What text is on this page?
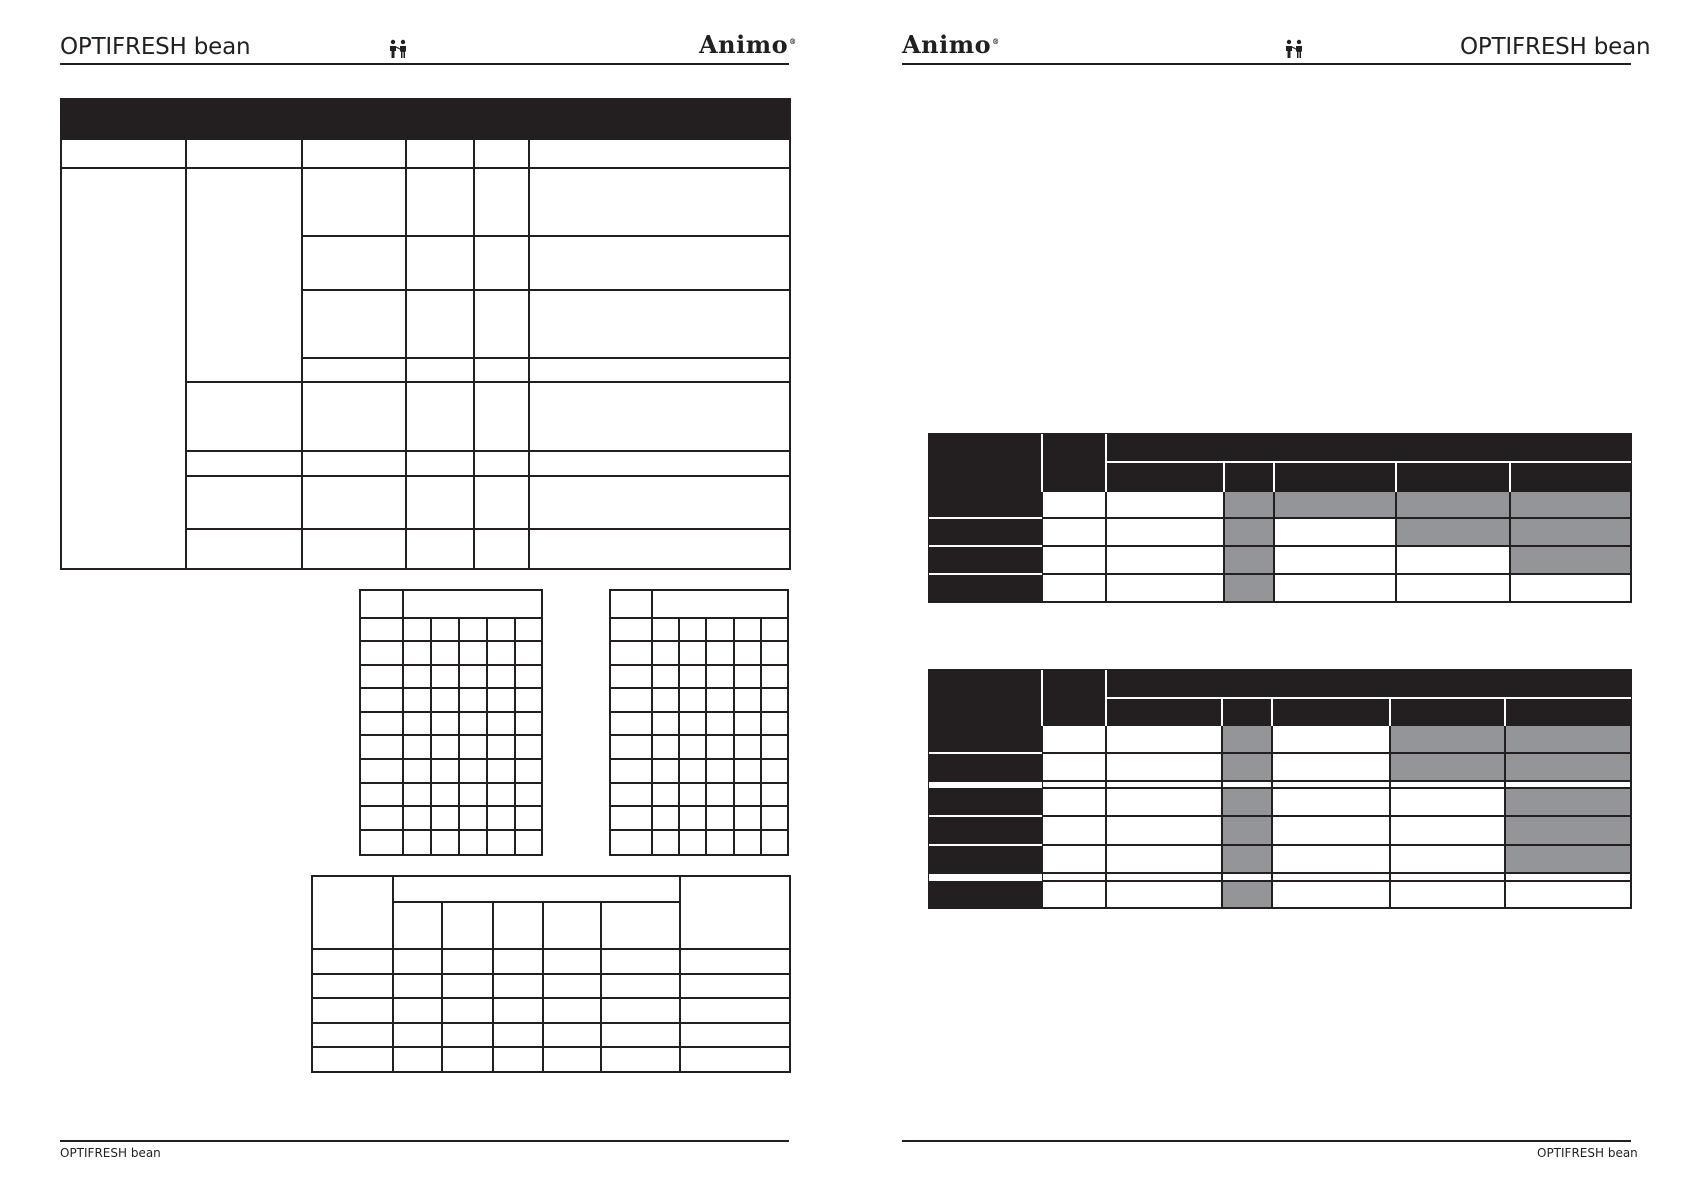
OPTIFRESH bean	Animo®
OPTIFRESH bean
Animo®	OPTIFRESH bean
OPTIFRESH bean
